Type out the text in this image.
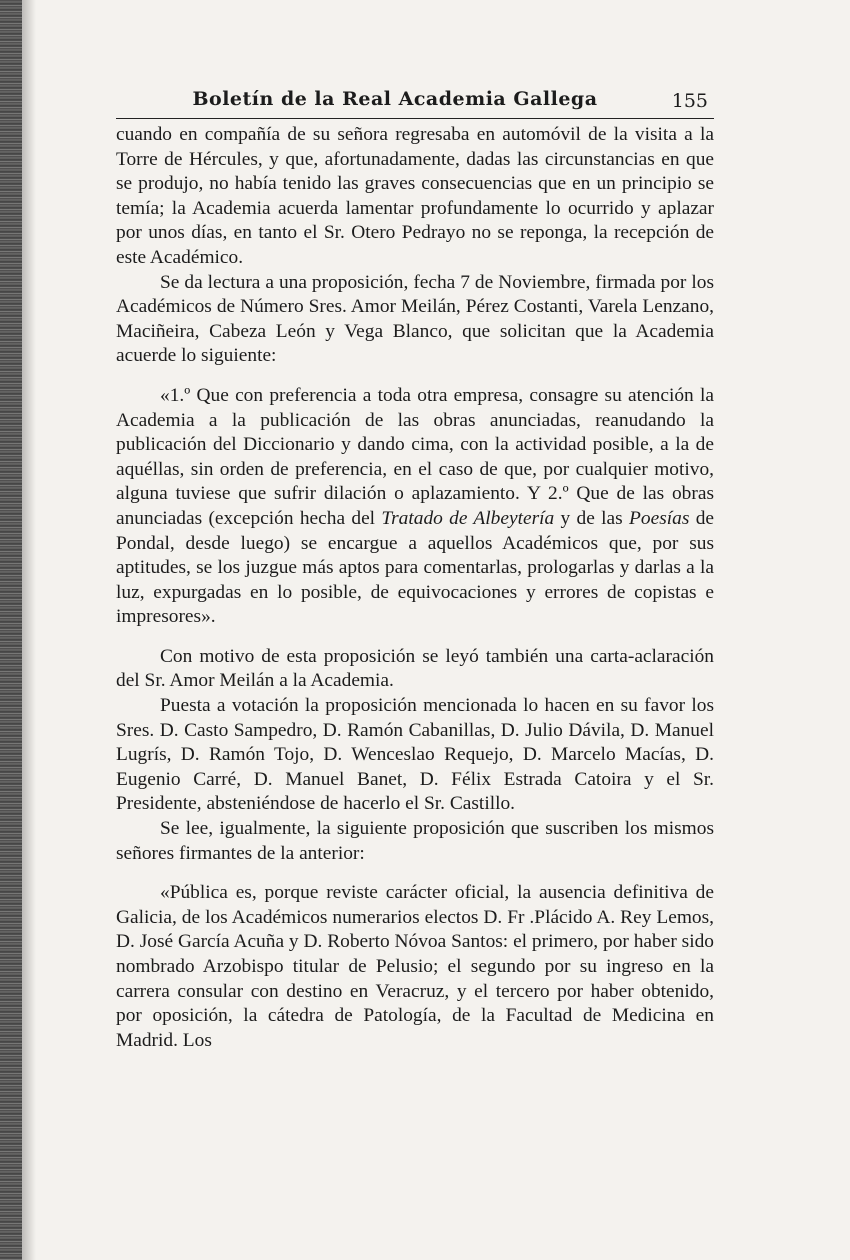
Boletín de la Real Academia Gallega	155

cuando en compañía de su señora regresaba en automóvil de la visita a la Torre de Hércules, y que, afortunadamente, dadas las circunstancias en que se produjo, no había tenido las graves consecuencias que en un principio se temía; la Academia acuerda lamentar profundamente lo ocurrido y aplazar por unos días, en tanto el Sr. Otero Pedrayo no se reponga, la recepción de este Académico.

Se da lectura a una proposición, fecha 7 de Noviembre, firmada por los Académicos de Número Sres. Amor Meilán, Pérez Costanti, Varela Lenzano, Maciñeira, Cabeza León y Vega Blanco, que solicitan que la Academia acuerde lo siguiente:

«1.º Que con preferencia a toda otra empresa, consagre su atención la Academia a la publicación de las obras anunciadas, reanudando la publicación del Diccionario y dando cima, con la actividad posible, a la de aquéllas, sin orden de preferencia, en el caso de que, por cualquier motivo, alguna tuviese que sufrir dilación o aplazamiento. Y 2.º Que de las obras anunciadas (excepción hecha del Tratado de Albeytería y de las Poesías de Pondal, desde luego) se encargue a aquellos Académicos que, por sus aptitudes, se los juzgue más aptos para comentarlas, prologarlas y darlas a la luz, expurgadas en lo posible, de equivocaciones y errores de copistas e impresores».

Con motivo de esta proposición se leyó también una carta-aclaración del Sr. Amor Meilán a la Academia.

Puesta a votación la proposición mencionada lo hacen en su favor los Sres. D. Casto Sampedro, D. Ramón Cabanillas, D. Julio Dávila, D. Manuel Lugrís, D. Ramón Tojo, D. Wenceslao Requejo, D. Marcelo Macías, D. Eugenio Carré, D. Manuel Banet, D. Félix Estrada Catoira y el Sr. Presidente, absteniéndose de hacerlo el Sr. Castillo.

Se lee, igualmente, la siguiente proposición que suscriben los mismos señores firmantes de la anterior:

«Pública es, porque reviste carácter oficial, la ausencia definitiva de Galicia, de los Académicos numerarios electos D. Fr .Plácido A. Rey Lemos, D. José García Acuña y D. Roberto Nóvoa Santos: el primero, por haber sido nombrado Arzobispo titular de Pelusio; el segundo por su ingreso en la carrera consular con destino en Veracruz, y el tercero por haber obtenido, por oposición, la cátedra de Patología, de la Facultad de Medicina en Madrid. Los
